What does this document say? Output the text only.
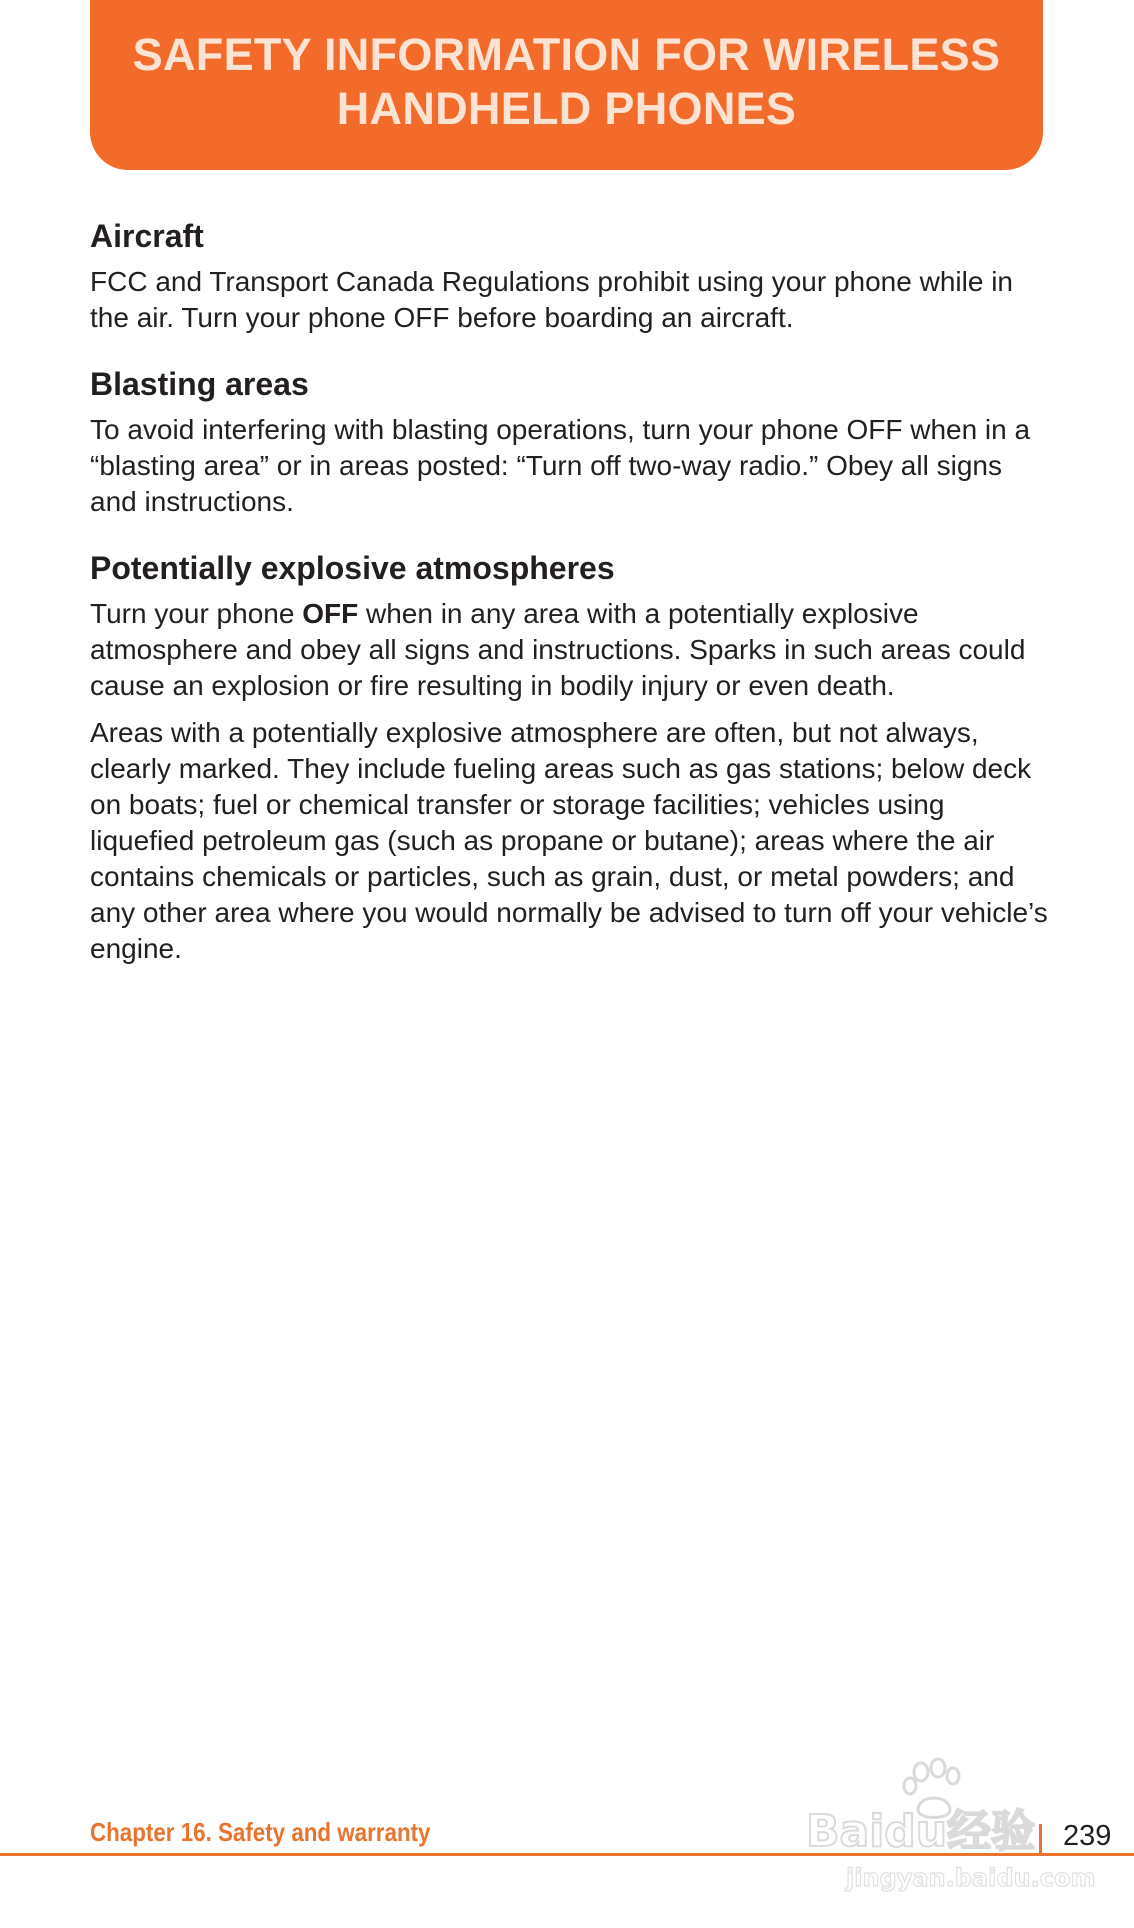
SAFETY INFORMATION FOR WIRELESS
HANDHELD PHONES
Aircraft

FCC and Transport Canada Regulations prohibit using your phone while in the air. Turn your phone OFF before boarding an aircraft.

Blasting areas

To avoid interfering with blasting operations, turn your phone OFF when in a “blasting area” or in areas posted: “Turn off two-way radio.” Obey all signs and instructions.

Potentially explosive atmospheres

Turn your phone OFF when in any area with a potentially explosive atmosphere and obey all signs and instructions. Sparks in such areas could cause an explosion or fire resulting in bodily injury or even death.

Areas with a potentially explosive atmosphere are often, but not always, clearly marked. They include fueling areas such as gas stations; below deck on boats; fuel or chemical transfer or storage facilities; vehicles using liquefied petroleum gas (such as propane or butane); areas where the air contains chemicals or particles, such as grain, dust, or metal powders; and any other area where you would normally be advised to turn off your vehicle’s engine.

Chapter 16. Safety and warranty	239
Baidu经验
jingyan.baidu.com
